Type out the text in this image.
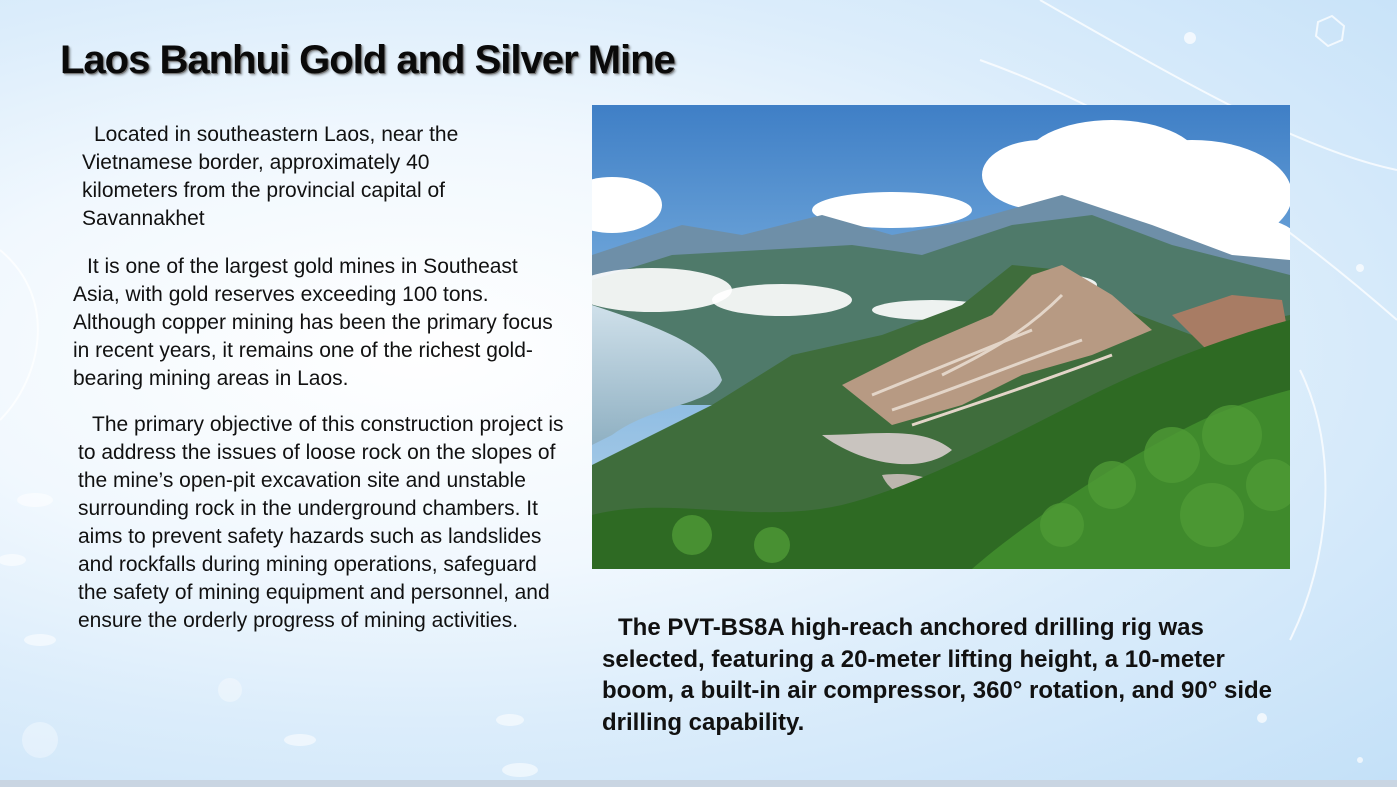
Laos Banhui Gold and Silver Mine

Located in southeastern Laos, near the Vietnamese border, approximately 40 kilometers from the provincial capital of Savannakhet

It is one of the largest gold mines in Southeast Asia, with gold reserves exceeding 100 tons. Although copper mining has been the primary focus in recent years, it remains one of the richest gold-bearing mining areas in Laos.

The primary objective of this construction project is to address the issues of loose rock on the slopes of the mine’s open-pit excavation site and unstable surrounding rock in the underground chambers. It aims to prevent safety hazards such as landslides and rockfalls during mining operations, safeguard the safety of mining equipment and personnel, and ensure the orderly progress of mining activities.	The PVT-BS8A high-reach anchored drilling rig was selected, featuring a 20-meter lifting height, a 10-meter boom, a built-in air compressor, 360° rotation, and 90° side drilling capability.
